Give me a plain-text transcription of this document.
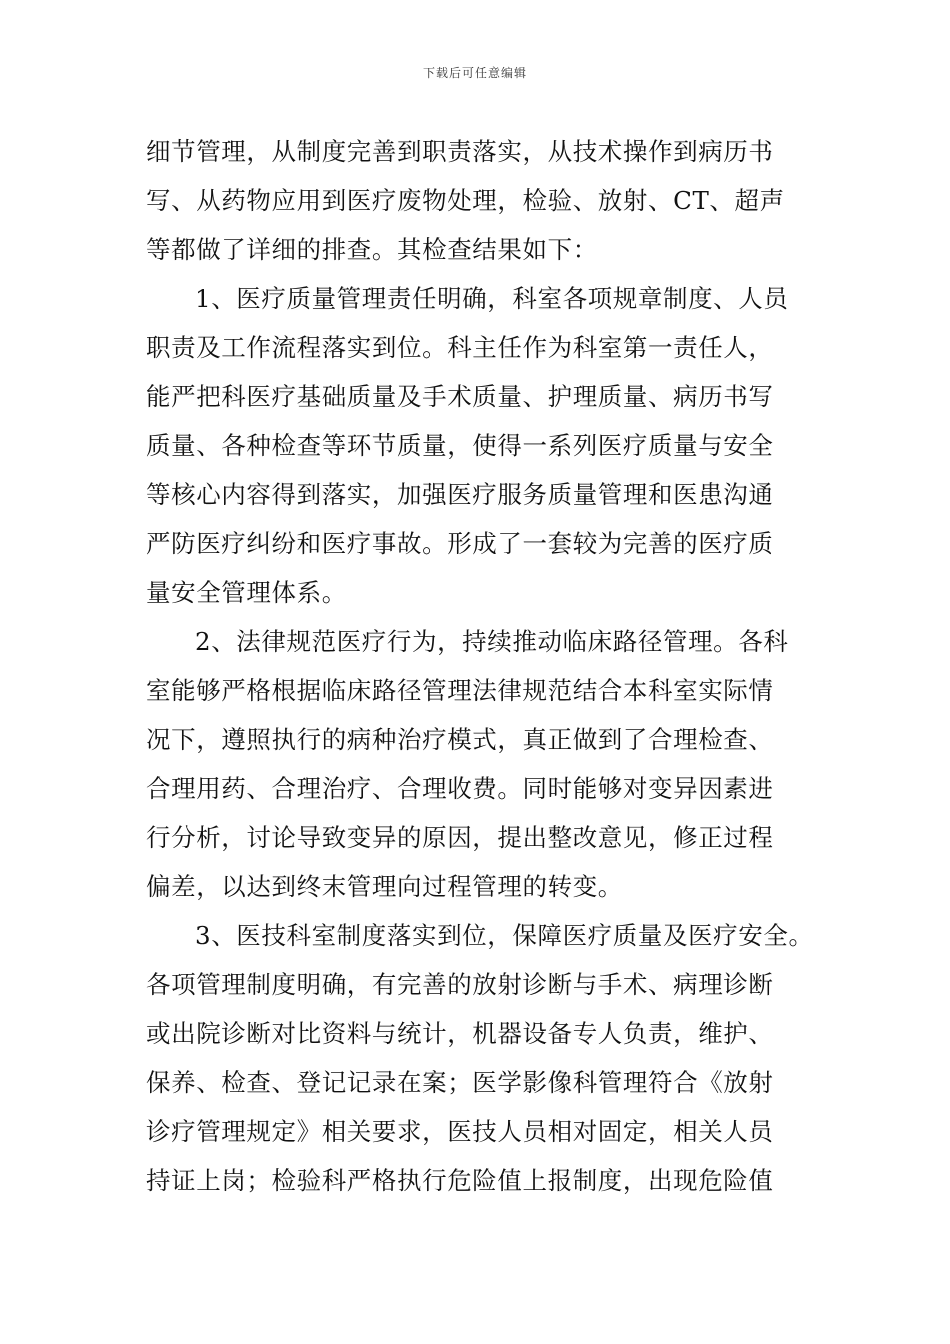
下载后可任意编辑
细节管理，从制度完善到职责落实，从技术操作到病历书
写、从药物应用到医疗废物处理，检验、放射、CT、超声
等都做了详细的排查。其检查结果如下：
1、医疗质量管理责任明确，科室各项规章制度、人员
职责及工作流程落实到位。科主任作为科室第一责任人，
能严把科医疗基础质量及手术质量、护理质量、病历书写
质量、各种检查等环节质量，使得一系列医疗质量与安全
等核心内容得到落实，加强医疗服务质量管理和医患沟通
严防医疗纠纷和医疗事故。形成了一套较为完善的医疗质
量安全管理体系。
2、法律规范医疗行为，持续推动临床路径管理。各科
室能够严格根据临床路径管理法律规范结合本科室实际情
况下，遵照执行的病种治疗模式，真正做到了合理检查、
合理用药、合理治疗、合理收费。同时能够对变异因素进
行分析，讨论导致变异的原因，提出整改意见，修正过程
偏差，以达到终末管理向过程管理的转变。
3、医技科室制度落实到位，保障医疗质量及医疗安全。
各项管理制度明确，有完善的放射诊断与手术、病理诊断
或出院诊断对比资料与统计，机器设备专人负责，维护、
保养、检查、登记记录在案；医学影像科管理符合《放射
诊疗管理规定》相关要求，医技人员相对固定，相关人员
持证上岗；检验科严格执行危险值上报制度，出现危险值
